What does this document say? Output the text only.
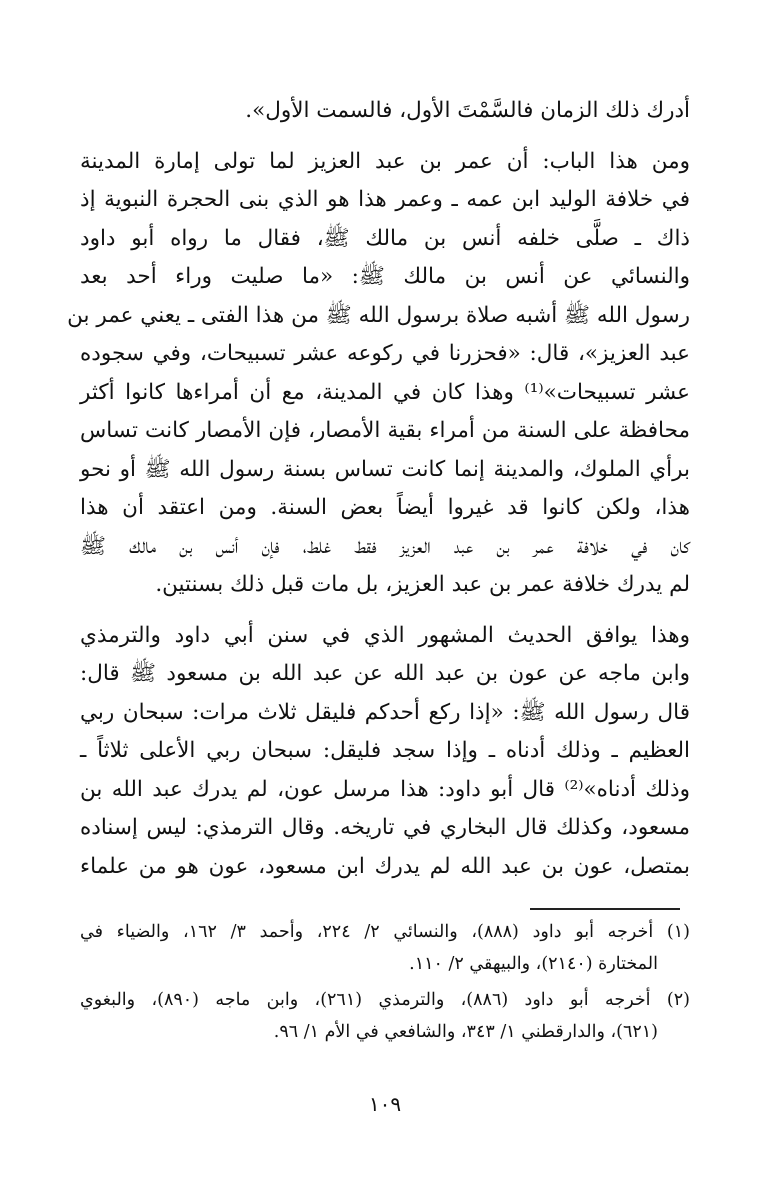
أدرك ذلك الزمان فالسَّمْتَ الأول، فالسمت الأول».

ومن هذا الباب: أن عمر بن عبد العزيز لما تولى إمارة المدينة

في خلافة الوليد ابن عمه ـ وعمر هذا هو الذي بنى الحجرة النبوية إذ

ذاك ـ صلَّى خلفه أنس بن مالك ﷺ، فقال ما رواه أبو داود

والنسائي عن أنس بن مالك ﷺ: «ما صليت وراء أحد بعد

رسول الله ﷺ أشبه صلاة برسول الله ﷺ من هذا الفتى ـ يعني عمر بن

عبد العزيز»، قال: «فحزرنا في ركوعه عشر تسبيحات، وفي سجوده

عشر تسبيحات»⁽¹⁾ وهذا كان في المدينة، مع أن أمراءها كانوا أكثر

محافظة على السنة من أمراء بقية الأمصار، فإن الأمصار كانت تساس

برأي الملوك، والمدينة إنما كانت تساس بسنة رسول الله ﷺ أو نحو

هذا، ولكن كانوا قد غيروا أيضاً بعض السنة. ومن اعتقد أن هذا

كان في خلافة عمر بن عبد العزيز فقط غلط، فإن أنس بن مالك ﷺ

لم يدرك خلافة عمر بن عبد العزيز، بل مات قبل ذلك بسنتين.

وهذا يوافق الحديث المشهور الذي في سنن أبي داود والترمذي

وابن ماجه عن عون بن عبد الله عن عبد الله بن مسعود ﷺ قال:

قال رسول الله ﷺ: «إذا ركع أحدكم فليقل ثلاث مرات: سبحان ربي

العظيم ـ وذلك أدناه ـ وإذا سجد فليقل: سبحان ربي الأعلى ثلاثاً ـ

وذلك أدناه»⁽²⁾ قال أبو داود: هذا مرسل عون، لم يدرك عبد الله بن

مسعود، وكذلك قال البخاري في تاريخه. وقال الترمذي: ليس إسناده

بمتصل، عون بن عبد الله لم يدرك ابن مسعود، عون هو من علماء

(١) أخرجه أبو داود (٨٨٨)، والنسائي ٢/ ٢٢٤، وأحمد ٣/ ١٦٢، والضياء في

المختارة (٢١٤٠)، والبيهقي ٢/ ١١٠.

(٢) أخرجه أبو داود (٨٨٦)، والترمذي (٢٦١)، وابن ماجه (٨٩٠)، والبغوي

(٦٢١)، والدارقطني ١/ ٣٤٣، والشافعي في الأم ١/ ٩٦.

١٠٩
